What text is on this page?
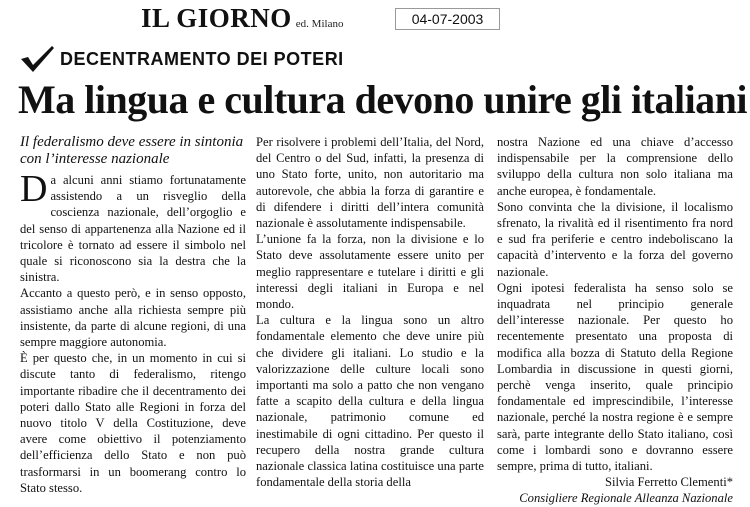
IL GIORNO ed. Milano	04-07-2003
DECENTRAMENTO DEI POTERI
Ma lingua e cultura devono unire gli italiani
Il federalismo deve essere in sintonia con l’interesse nazionale

Da alcuni anni stiamo fortunatamente assistendo a un risveglio della coscienza nazionale, dell’orgoglio e del senso di appartenenza alla Nazione ed il tricolore è tornato ad essere il simbolo nel quale si riconoscono sia la destra che la sinistra.

Accanto a questo però, e in senso opposto, assistiamo anche alla richiesta sempre più insistente, da parte di alcune regioni, di una sempre maggiore autonomia.

È per questo che, in un momento in cui si discute tanto di federalismo, ritengo importante ribadire che il decentramento dei poteri dallo Stato alle Regioni in forza del nuovo titolo V della Costituzione, deve avere come obiettivo il potenziamento dell’efficienza dello Stato e non può trasformarsi in un boomerang contro lo Stato stesso.

Per risolvere i problemi dell’Italia, del Nord, del Centro o del Sud, infatti, la presenza di uno Stato forte, unito, non autoritario ma autorevole, che abbia la forza di garantire e di difendere i diritti dell’intera comunità nazionale è assolutamente indispensabile.

L’unione fa la forza, non la divisione e lo Stato deve assolutamente essere unito per meglio rappresentare e tutelare i diritti e gli interessi degli italiani in Europa e nel mondo.

La cultura e la lingua sono un altro fondamentale elemento che deve unire più che dividere gli italiani. Lo studio e la valorizzazione delle culture locali sono importanti ma solo a patto che non vengano fatte a scapito della cultura e della lingua nazionale, patrimonio comune ed inestimabile di ogni cittadino. Per questo il recupero della nostra grande cultura nazionale classica latina costituisce una parte fondamentale della storia della

nostra Nazione ed una chiave d’accesso indispensabile per la comprensione dello sviluppo della cultura non solo italiana ma anche europea, è fondamentale.

Sono convinta che la divisione, il localismo sfrenato, la rivalità ed il risentimento fra nord e sud fra periferie e centro indeboliscano la capacità d’intervento e la forza del governo nazionale.

Ogni ipotesi federalista ha senso solo se inquadrata nel principio generale dell’interesse nazionale. Per questo ho recentemente presentato una proposta di modifica alla bozza di Statuto della Regione Lombardia in discussione in questi giorni, perchè venga inserito, quale principio fondamentale ed imprescindibile, l’interesse nazionale, perché la nostra regione è e sempre sarà, parte integrante dello Stato italiano, così come i lombardi sono e dovranno essere sempre, prima di tutto, italiani.

Silvia Ferretto Clementi*

Consigliere Regionale Alleanza Nazionale
